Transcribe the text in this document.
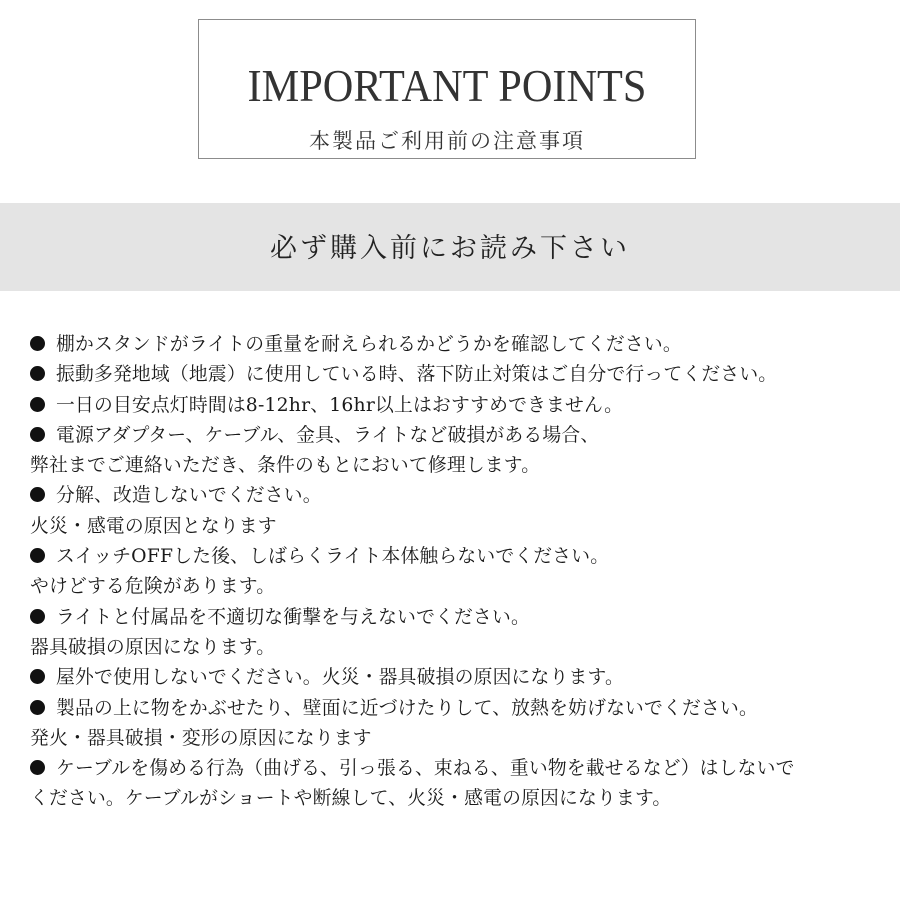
IMPORTANT POINTS
本製品ご利用前の注意事項
必ず購入前にお読み下さい
棚かスタンドがライトの重量を耐えられるかどうかを確認してください。
振動多発地域（地震）に使用している時、落下防止対策はご自分で行ってください。
一日の目安点灯時間は8-12hr、16hr以上はおすすめできません。
電源アダプター、ケーブル、金具、ライトなど破損がある場合、
弊社までご連絡いただき、条件のもとにおいて修理します。
分解、改造しないでください。
火災・感電の原因となります
スイッチOFFした後、しばらくライト本体触らないでください。
やけどする危険があります。
ライトと付属品を不適切な衝撃を与えないでください。
器具破損の原因になります。
屋外で使用しないでください。火災・器具破損の原因になります。
製品の上に物をかぶせたり、壁面に近づけたりして、放熱を妨げないでください。
発火・器具破損・変形の原因になります
ケーブルを傷める行為（曲げる、引っ張る、束ねる、重い物を載せるなど）はしないで
ください。ケーブルがショートや断線して、火災・感電の原因になります。
